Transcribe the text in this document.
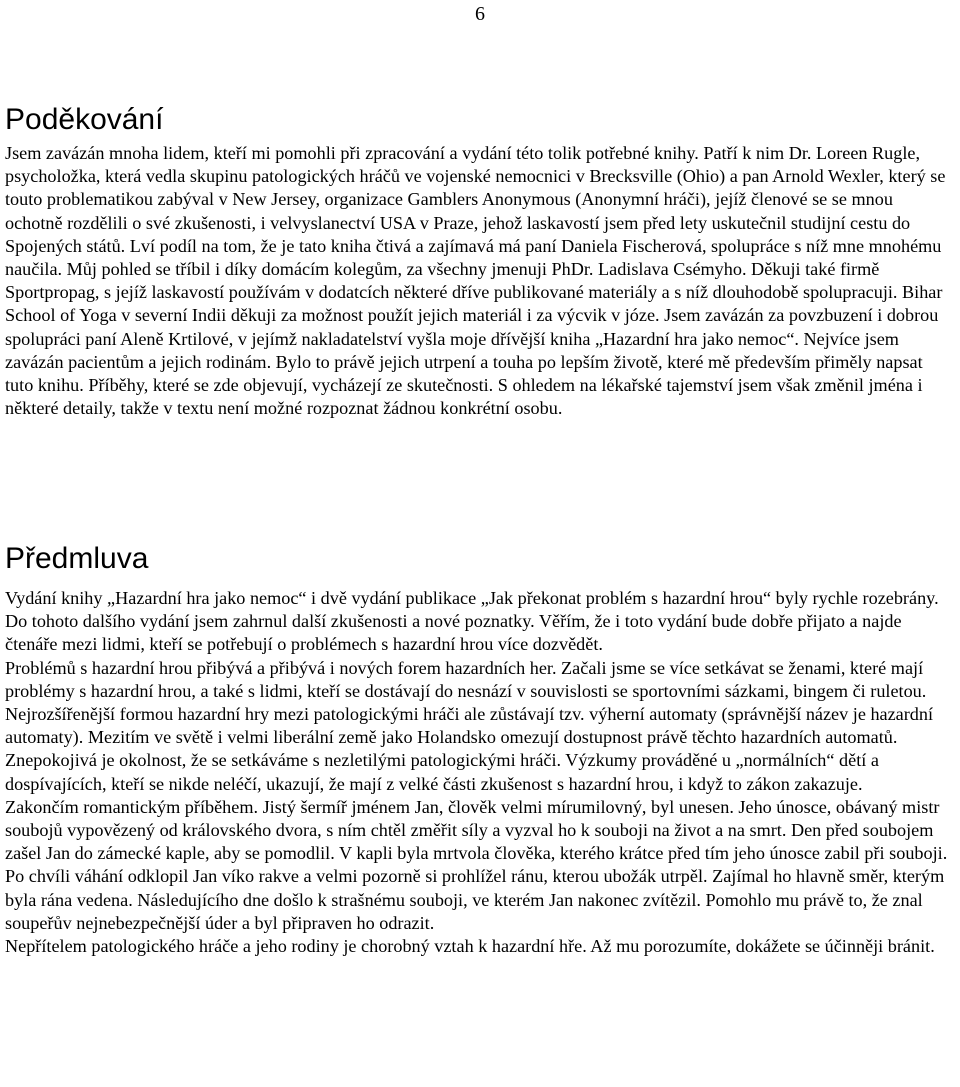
6
Poděkování

Jsem zavázán mnoha lidem, kteří mi pomohli při zpracování a vydání této tolik potřebné knihy. Patří k nim Dr. Loreen Rugle, psycholožka, která vedla skupinu patologických hráčů ve vojenské nemocnici v Brecksville (Ohio) a pan Arnold Wexler, který se touto problematikou zabýval v New Jersey, organizace Gamblers Anonymous (Anonymní hráči), jejíž členové se se mnou ochotně rozdělili o své zkušenosti, i velvyslanectví USA v Praze, jehož laskavostí jsem před lety uskutečnil studijní cestu do Spojených států. Lví podíl na tom, že je tato kniha čtivá a zajímavá má paní Daniela Fischerová, spolupráce s níž mne mnohému naučila. Můj pohled se tříbil i díky domácím kolegům, za všechny jmenuji PhDr. Ladislava Csémyho. Děkuji také firmě Sportpropag, s jejíž laskavostí používám v dodatcích některé dříve publikované materiály a s níž dlouhodobě spolupracuji. Bihar School of Yoga v severní Indii děkuji za možnost použít jejich materiál i za výcvik v józe. Jsem zavázán za povzbuzení i dobrou spolupráci paní Aleně Krtilové, v jejímž nakladatelství vyšla moje dřívější kniha „Hazardní hra jako nemoc“. Nejvíce jsem zavázán pacientům a jejich rodinám. Bylo to právě jejich utrpení a touha po lepším životě, které mě především přiměly napsat tuto knihu. Příběhy, které se zde objevují, vycházejí ze skutečnosti. S ohledem na lékařské tajemství jsem však změnil jména i některé detaily, takže v textu není možné rozpoznat žádnou konkrétní osobu.

Předmluva

Vydání knihy „Hazardní hra jako nemoc“ i dvě vydání publikace „Jak překonat problém s hazardní hrou“ byly rychle rozebrány. Do tohoto dalšího vydání jsem zahrnul další zkušenosti a nové poznatky. Věřím, že i toto vydání bude dobře přijato a najde čtenáře mezi lidmi, kteří se potřebují o problémech s hazardní hrou více dozvědět.

Problémů s hazardní hrou přibývá a přibývá i nových forem hazardních her. Začali jsme se více setkávat se ženami, které mají problémy s hazardní hrou, a také s lidmi, kteří se dostávají do nesnází v souvislosti se sportovními sázkami, bingem či ruletou. Nejrozšířenější formou hazardní hry mezi patologickými hráči ale zůstávají tzv. výherní automaty (správnější název je hazardní automaty). Mezitím ve světě i velmi liberální země jako Holandsko omezují dostupnost právě těchto hazardních automatů. Znepokojivá je okolnost, že se setkáváme s nezletilými patologickými hráči. Výzkumy prováděné u „normálních“ dětí a dospívajících, kteří se nikde neléčí, ukazují, že mají z velké části zkušenost s hazardní hrou, i když to zákon zakazuje.

Zakončím romantickým příběhem. Jistý šermíř jménem Jan, člověk velmi mírumilovný, byl unesen. Jeho únosce, obávaný mistr soubojů vypovězený od královského dvora, s ním chtěl změřit síly a vyzval ho k souboji na život a na smrt. Den před soubojem zašel Jan do zámecké kaple, aby se pomodlil. V kapli byla mrtvola člověka, kterého krátce před tím jeho únosce zabil při souboji. Po chvíli váhání odklopil Jan víko rakve a velmi pozorně si prohlížel ránu, kterou ubožák utrpěl. Zajímal ho hlavně směr, kterým byla rána vedena. Následujícího dne došlo k strašnému souboji, ve kterém Jan nakonec zvítězil. Pomohlo mu právě to, že znal soupeřův nejnebezpečnější úder a byl připraven ho odrazit.

Nepřítelem patologického hráče a jeho rodiny je chorobný vztah k hazardní hře. Až mu porozumíte, dokážete se účinněji bránit.
